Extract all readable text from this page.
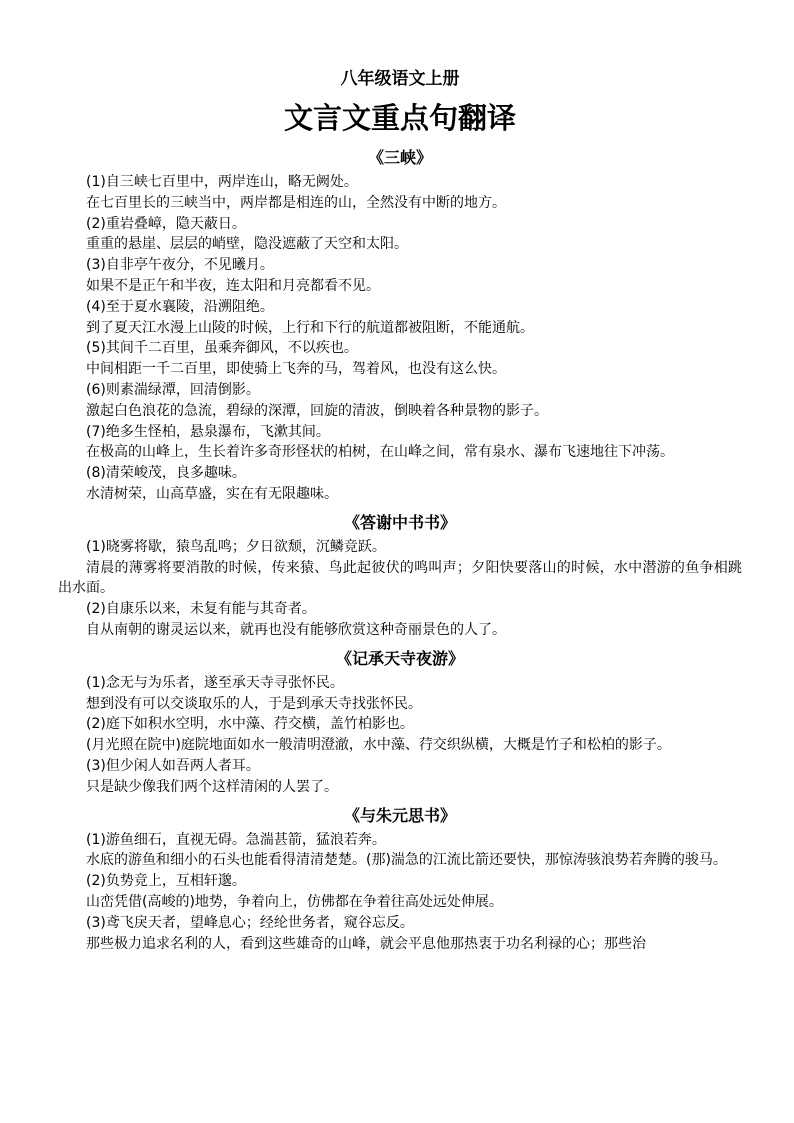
八年级语文上册
文言文重点句翻译
《三峡》

(1)自三峡七百里中，两岸连山，略无阙处。

在七百里长的三峡当中，两岸都是相连的山，全然没有中断的地方。

(2)重岩叠嶂，隐天蔽日。

重重的悬崖、层层的峭壁，隐没遮蔽了天空和太阳。

(3)自非亭午夜分，不见曦月。

如果不是正午和半夜，连太阳和月亮都看不见。

(4)至于夏水襄陵，沿溯阻绝。

到了夏天江水漫上山陵的时候，上行和下行的航道都被阻断，不能通航。

(5)其间千二百里，虽乘奔御风，不以疾也。

中间相距一千二百里，即使骑上飞奔的马，驾着风，也没有这么快。

(6)则素湍绿潭，回清倒影。

激起白色浪花的急流，碧绿的深潭，回旋的清波，倒映着各种景物的影子。

(7)绝多生怪柏，悬泉瀑布，飞漱其间。

在极高的山峰上，生长着许多奇形怪状的柏树，在山峰之间，常有泉水、瀑布飞速地往下冲荡。

(8)清荣峻茂，良多趣味。

水清树荣，山高草盛，实在有无限趣味。

《答谢中书书》

(1)晓雾将歇，猿鸟乱鸣；夕日欲颓，沉鳞竞跃。

清晨的薄雾将要消散的时候，传来猿、鸟此起彼伏的鸣叫声；夕阳快要落山的时候，水中潜游的鱼争相跳出水面。

(2)自康乐以来，未复有能与其奇者。

自从南朝的谢灵运以来，就再也没有能够欣赏这种奇丽景色的人了。

《记承天寺夜游》

(1)念无与为乐者，遂至承天寺寻张怀民。

想到没有可以交谈取乐的人，于是到承天寺找张怀民。

(2)庭下如积水空明，水中藻、荇交横，盖竹柏影也。

(月光照在院中)庭院地面如水一般清明澄澈，水中藻、荇交织纵横，大概是竹子和松柏的影子。

(3)但少闲人如吾两人者耳。

只是缺少像我们两个这样清闲的人罢了。

《与朱元思书》

(1)游鱼细石，直视无碍。急湍甚箭，猛浪若奔。

水底的游鱼和细小的石头也能看得清清楚楚。(那)湍急的江流比箭还要快，那惊涛骇浪势若奔腾的骏马。

(2)负势竞上，互相轩邈。

山峦凭借(高峻的)地势，争着向上，仿佛都在争着往高处远处伸展。

(3)鸢飞戾天者，望峰息心；经纶世务者，窥谷忘反。

那些极力追求名利的人，看到这些雄奇的山峰，就会平息他那热衷于功名利禄的心；那些治
